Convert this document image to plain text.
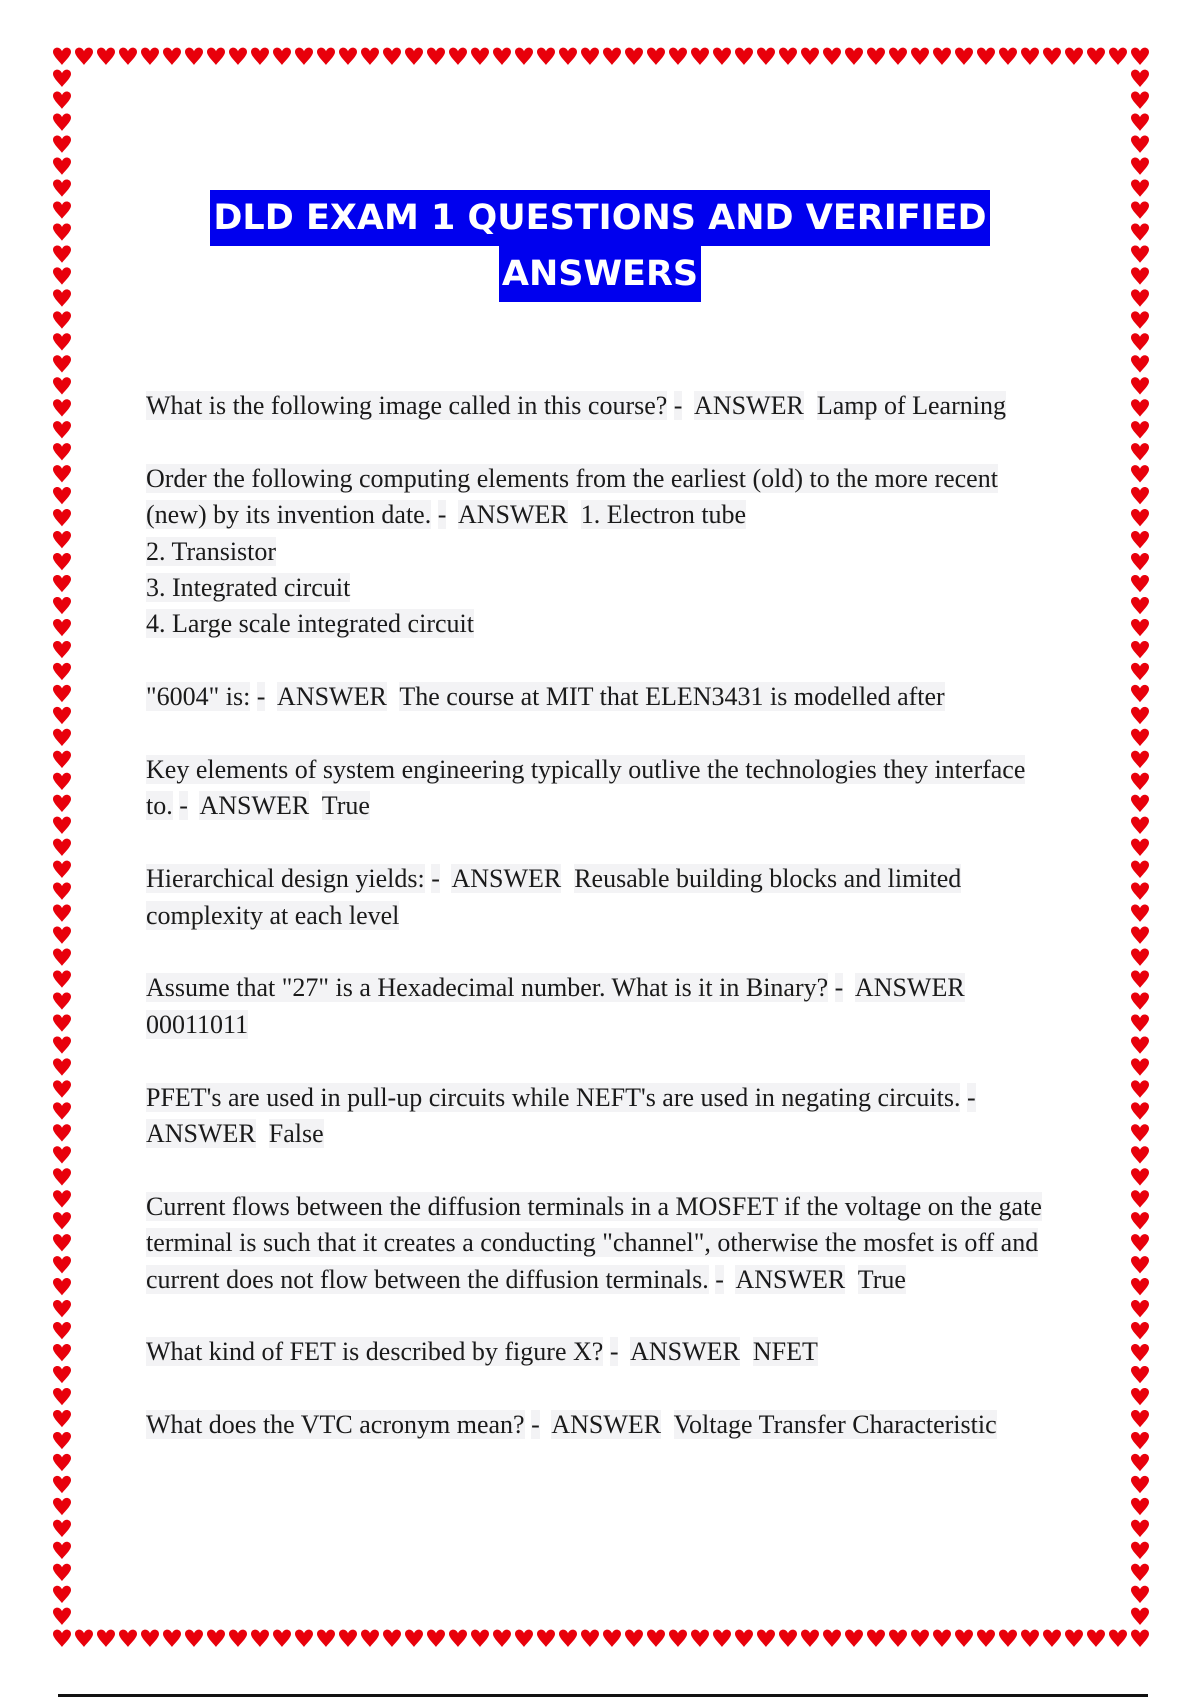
DLD EXAM 1 QUESTIONS AND VERIFIED
ANSWERS
What is the following image called in this course? - ANSWER Lamp of Learning
Order the following computing elements from the earliest (old) to the more recent (new) by its invention date. - ANSWER 1. Electron tube
2. Transistor
3. Integrated circuit
4. Large scale integrated circuit
"6004" is: - ANSWER The course at MIT that ELEN3431 is modelled after
Key elements of system engineering typically outlive the technologies they interface to. - ANSWER True
Hierarchical design yields: - ANSWER Reusable building blocks and limited complexity at each level
Assume that "27" is a Hexadecimal number. What is it in Binary? - ANSWER  00011011
PFET's are used in pull-up circuits while NEFT's are used in negating circuits. -  ANSWER False
Current flows between the diffusion terminals in a MOSFET if the voltage on the gate terminal is such that it creates a conducting "channel", otherwise the mosfet is off and current does not flow between the diffusion terminals. - ANSWER True
What kind of FET is described by figure X? - ANSWER NFET
What does the VTC acronym mean? - ANSWER Voltage Transfer Characteristic
